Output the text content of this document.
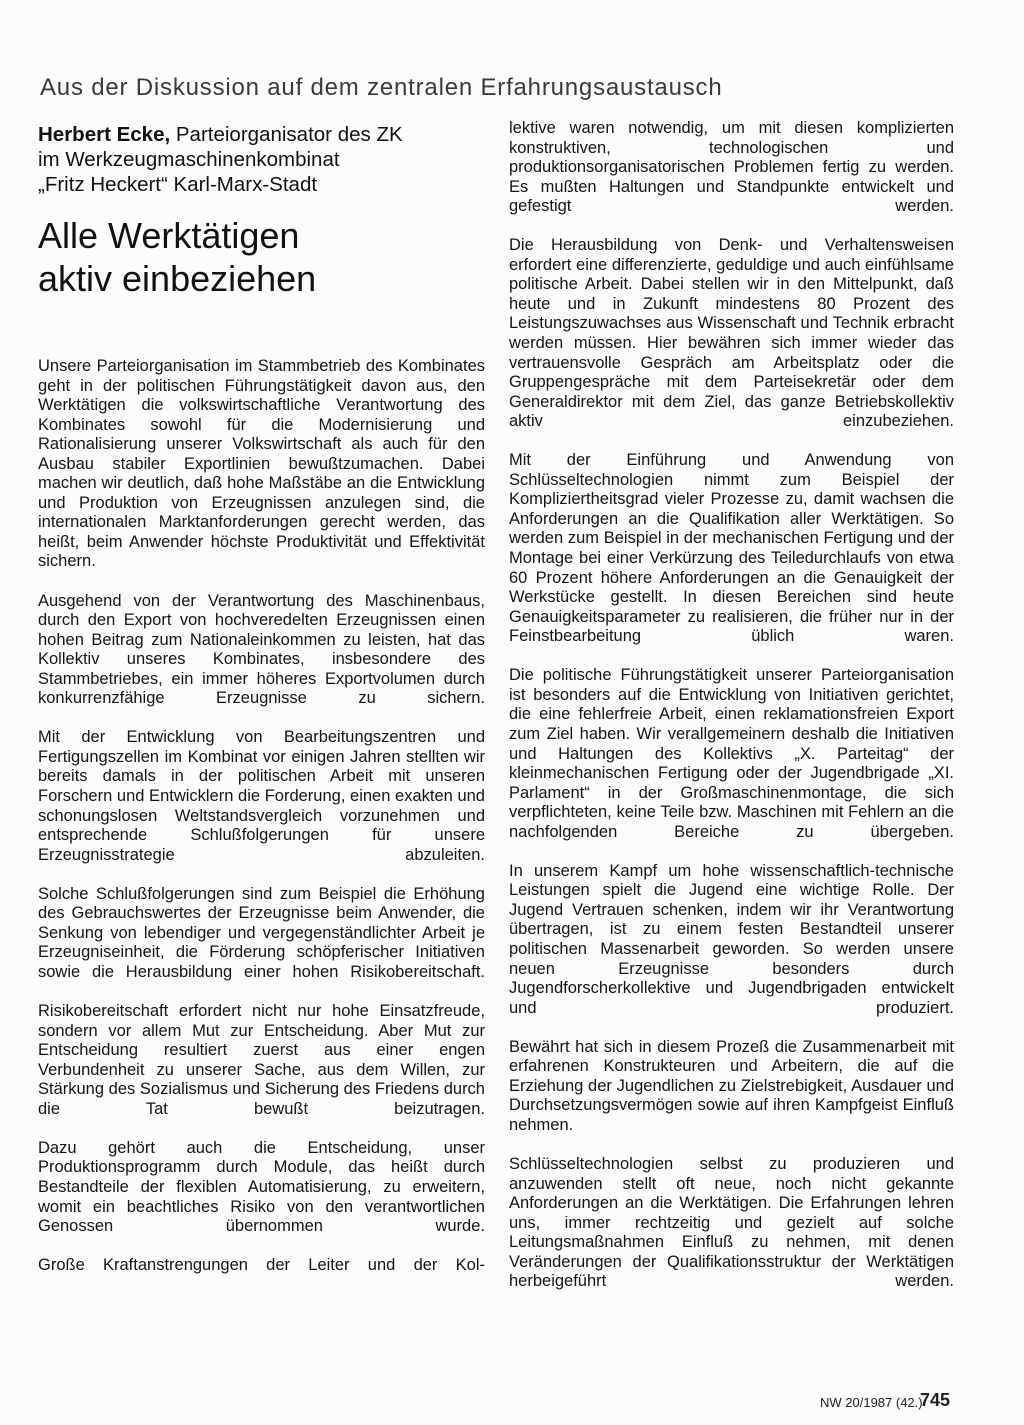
Aus der Diskussion auf dem zentralen Erfahrungsaustausch
Herbert Ecke, Parteiorganisator des ZK
im Werkzeugmaschinenkombinat
„Fritz Heckert“ Karl-Marx-Stadt
Alle Werktätigen
aktiv einbeziehen

Unsere Parteiorganisation im Stammbetrieb des Kombinates geht in der politischen Führungstätigkeit davon aus, den Werktätigen die volkswirtschaftliche Verantwortung des Kombinates sowohl für die Modernisierung und Rationalisierung unserer Volkswirtschaft als auch für den Ausbau stabiler Exportlinien bewußtzumachen. Dabei machen wir deutlich, daß hohe Maßstäbe an die Entwicklung und Produktion von Erzeugnissen anzulegen sind, die internationalen Marktanforderungen gerecht werden, das heißt, beim Anwender höchste Produktivität und Effektivität sichern.

Ausgehend von der Verantwortung des Maschinenbaus, durch den Export von hochveredelten Erzeugnissen einen hohen Beitrag zum Nationaleinkommen zu leisten, hat das Kollektiv unseres Kombinates, insbesondere des Stammbetriebes, ein immer höheres Exportvolumen durch konkurrenzfähige Erzeugnisse zu sichern.

Mit der Entwicklung von Bearbeitungszentren und Fertigungszellen im Kombinat vor einigen Jahren stellten wir bereits damals in der politischen Arbeit mit unseren Forschern und Entwicklern die Forderung, einen exakten und schonungslosen Weltstandsvergleich vorzunehmen und entsprechende Schlußfolgerungen für unsere Erzeugnisstrategie abzuleiten.

Solche Schlußfolgerungen sind zum Beispiel die Erhöhung des Gebrauchswertes der Erzeugnisse beim Anwender, die Senkung von lebendiger und vergegenständlichter Arbeit je Erzeugniseinheit, die Förderung schöpferischer Initiativen sowie die Herausbildung einer hohen Risikobereitschaft.

Risikobereitschaft erfordert nicht nur hohe Einsatzfreude, sondern vor allem Mut zur Entscheidung. Aber Mut zur Entscheidung resultiert zuerst aus einer engen Verbundenheit zu unserer Sache, aus dem Willen, zur Stärkung des Sozialismus und Sicherung des Friedens durch die Tat bewußt beizutragen.

Dazu gehört auch die Entscheidung, unser Produktionsprogramm durch Module, das heißt durch Bestandteile der flexiblen Automatisierung, zu erweitern, womit ein beachtliches Risiko von den verantwortlichen Genossen übernommen wurde.

Große Kraftanstrengungen der Leiter und der Kol-

lektive waren notwendig, um mit diesen komplizierten konstruktiven, technologischen und produktionsorganisatorischen Problemen fertig zu werden. Es mußten Haltungen und Standpunkte entwickelt und gefestigt werden.

Die Herausbildung von Denk- und Verhaltensweisen erfordert eine differenzierte, geduldige und auch einfühlsame politische Arbeit. Dabei stellen wir in den Mittelpunkt, daß heute und in Zukunft mindestens 80 Prozent des Leistungszuwachses aus Wissenschaft und Technik erbracht werden müssen. Hier bewähren sich immer wieder das vertrauensvolle Gespräch am Arbeitsplatz oder die Gruppengespräche mit dem Parteisekretär oder dem Generaldirektor mit dem Ziel, das ganze Betriebskollektiv aktiv einzubeziehen.

Mit der Einführung und Anwendung von Schlüsseltechnologien nimmt zum Beispiel der Kompliziertheitsgrad vieler Prozesse zu, damit wachsen die Anforderungen an die Qualifikation aller Werktätigen. So werden zum Beispiel in der mechanischen Fertigung und der Montage bei einer Verkürzung des Teiledurchlaufs von etwa 60 Prozent höhere Anforderungen an die Genauigkeit der Werkstücke gestellt. In diesen Bereichen sind heute Genauigkeitsparameter zu realisieren, die früher nur in der Feinstbearbeitung üblich waren.

Die politische Führungstätigkeit unserer Parteiorganisation ist besonders auf die Entwicklung von Initiativen gerichtet, die eine fehlerfreie Arbeit, einen reklamationsfreien Export zum Ziel haben. Wir verallgemeinern deshalb die Initiativen und Haltungen des Kollektivs „X. Parteitag“ der kleinmechanischen Fertigung oder der Jugendbrigade „XI. Parlament“ in der Großmaschinenmontage, die sich verpflichteten, keine Teile bzw. Maschinen mit Fehlern an die nachfolgenden Bereiche zu übergeben.

In unserem Kampf um hohe wissenschaftlich-technische Leistungen spielt die Jugend eine wichtige Rolle. Der Jugend Vertrauen schenken, indem wir ihr Verantwortung übertragen, ist zu einem festen Bestandteil unserer politischen Massenarbeit geworden. So werden unsere neuen Erzeugnisse besonders durch Jugendforscherkollektive und Jugendbrigaden entwickelt und produziert.

Bewährt hat sich in diesem Prozeß die Zusammenarbeit mit erfahrenen Konstrukteuren und Arbeitern, die auf die Erziehung der Jugendlichen zu Zielstrebigkeit, Ausdauer und Durchsetzungsvermögen sowie auf ihren Kampfgeist Einfluß nehmen.

Schlüsseltechnologien selbst zu produzieren und anzuwenden stellt oft neue, noch nicht gekannte Anforderungen an die Werktätigen. Die Erfahrungen lehren uns, immer rechtzeitig und gezielt auf solche Leitungsmaßnahmen Einfluß zu nehmen, mit denen Veränderungen der Qualifikationsstruktur der Werktätigen herbeigeführt werden.

NW 20/1987 (42.)
745
